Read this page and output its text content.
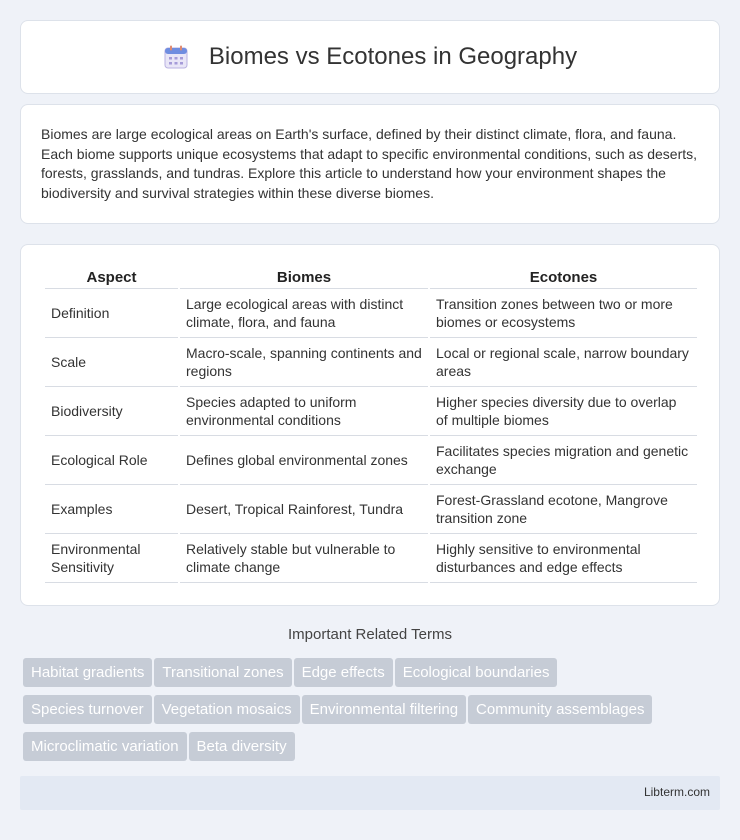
Biomes vs Ecotones in Geography

Biomes are large ecological areas on Earth's surface, defined by their distinct climate, flora, and fauna. Each biome supports unique ecosystems that adapt to specific environmental conditions, such as deserts, forests, grasslands, and tundras. Explore this article to understand how your environment shapes the biodiversity and survival strategies within these diverse biomes.

Aspect	Biomes	Ecotones
Definition	Large ecological areas with distinct climate, flora, and fauna	Transition zones between two or more biomes or ecosystems
Scale	Macro-scale, spanning continents and regions	Local or regional scale, narrow boundary areas
Biodiversity	Species adapted to uniform environmental conditions	Higher species diversity due to overlap of multiple biomes
Ecological Role	Defines global environmental zones	Facilitates species migration and genetic exchange
Examples	Desert, Tropical Rainforest, Tundra	Forest-Grassland ecotone, Mangrove transition zone
Environmental Sensitivity	Relatively stable but vulnerable to climate change	Highly sensitive to environmental disturbances and edge effects
Important Related Terms
Habitat gradients Transitional zones Edge effects Ecological boundaries
Species turnover Vegetation mosaics Environmental filtering Community assemblages
Microclimatic variation Beta diversity
Libterm.com
